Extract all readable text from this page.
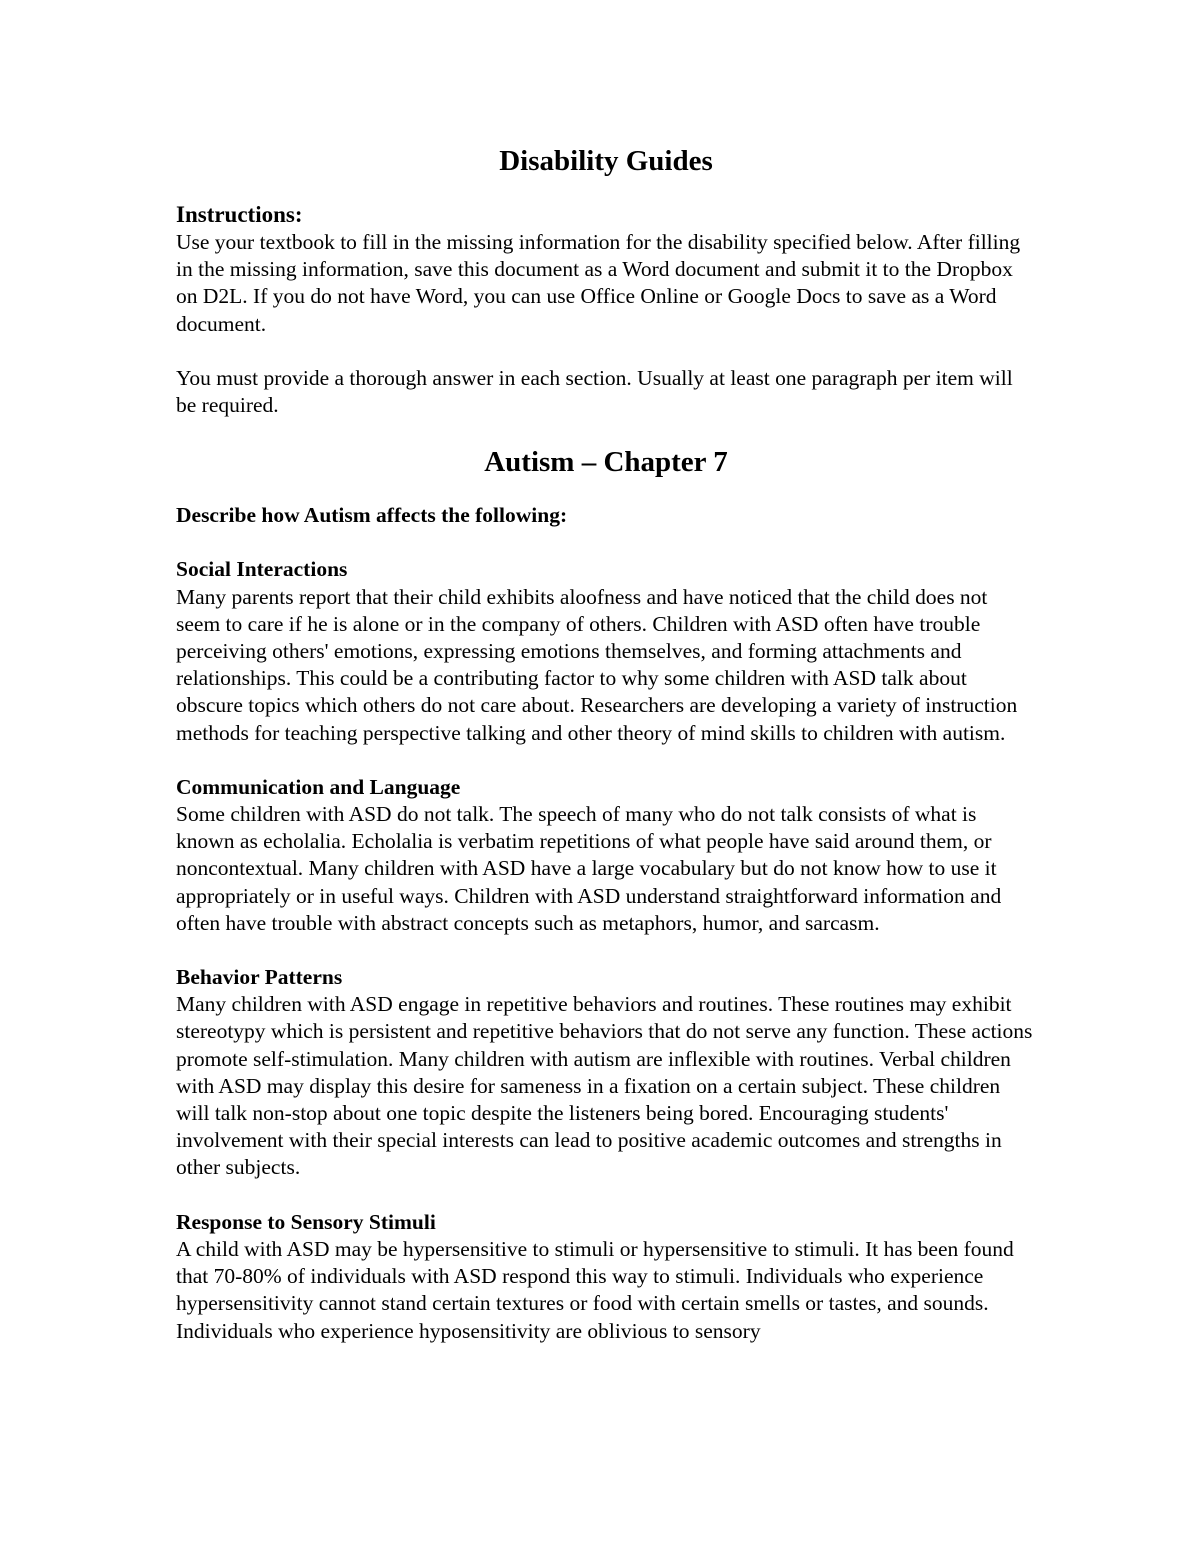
Disability Guides

Instructions:

Use your textbook to fill in the missing information for the disability specified below. After filling in the missing information, save this document as a Word document and submit it to the Dropbox on D2L. If you do not have Word, you can use Office Online or Google Docs to save as a Word document.

You must provide a thorough answer in each section. Usually at least one paragraph per item will be required.

Autism – Chapter 7

Describe how Autism affects the following:

Social Interactions

Many parents report that their child exhibits aloofness and have noticed that the child does not seem to care if he is alone or in the company of others. Children with ASD often have trouble perceiving others' emotions, expressing emotions themselves, and forming attachments and relationships. This could be a contributing factor to why some children with ASD talk about obscure topics which others do not care about. Researchers are developing a variety of instruction methods for teaching perspective talking and other theory of mind skills to children with autism.

Communication and Language

Some children with ASD do not talk. The speech of many who do not talk consists of what is known as echolalia. Echolalia is verbatim repetitions of what people have said around them, or noncontextual. Many children with ASD have a large vocabulary but do not know how to use it appropriately or in useful ways. Children with ASD understand straightforward information and often have trouble with abstract concepts such as metaphors, humor, and sarcasm.

Behavior Patterns

Many children with ASD engage in repetitive behaviors and routines. These routines may exhibit stereotypy which is persistent and repetitive behaviors that do not serve any function. These actions promote self-stimulation. Many children with autism are inflexible with routines. Verbal children with ASD may display this desire for sameness in a fixation on a certain subject. These children will talk non-stop about one topic despite the listeners being bored. Encouraging students' involvement with their special interests can lead to positive academic outcomes and strengths in other subjects.

Response to Sensory Stimuli

A child with ASD may be hypersensitive to stimuli or hypersensitive to stimuli. It has been found that 70-80% of individuals with ASD respond this way to stimuli. Individuals who experience hypersensitivity cannot stand certain textures or food with certain smells or tastes, and sounds. Individuals who experience hyposensitivity are oblivious to sensory
